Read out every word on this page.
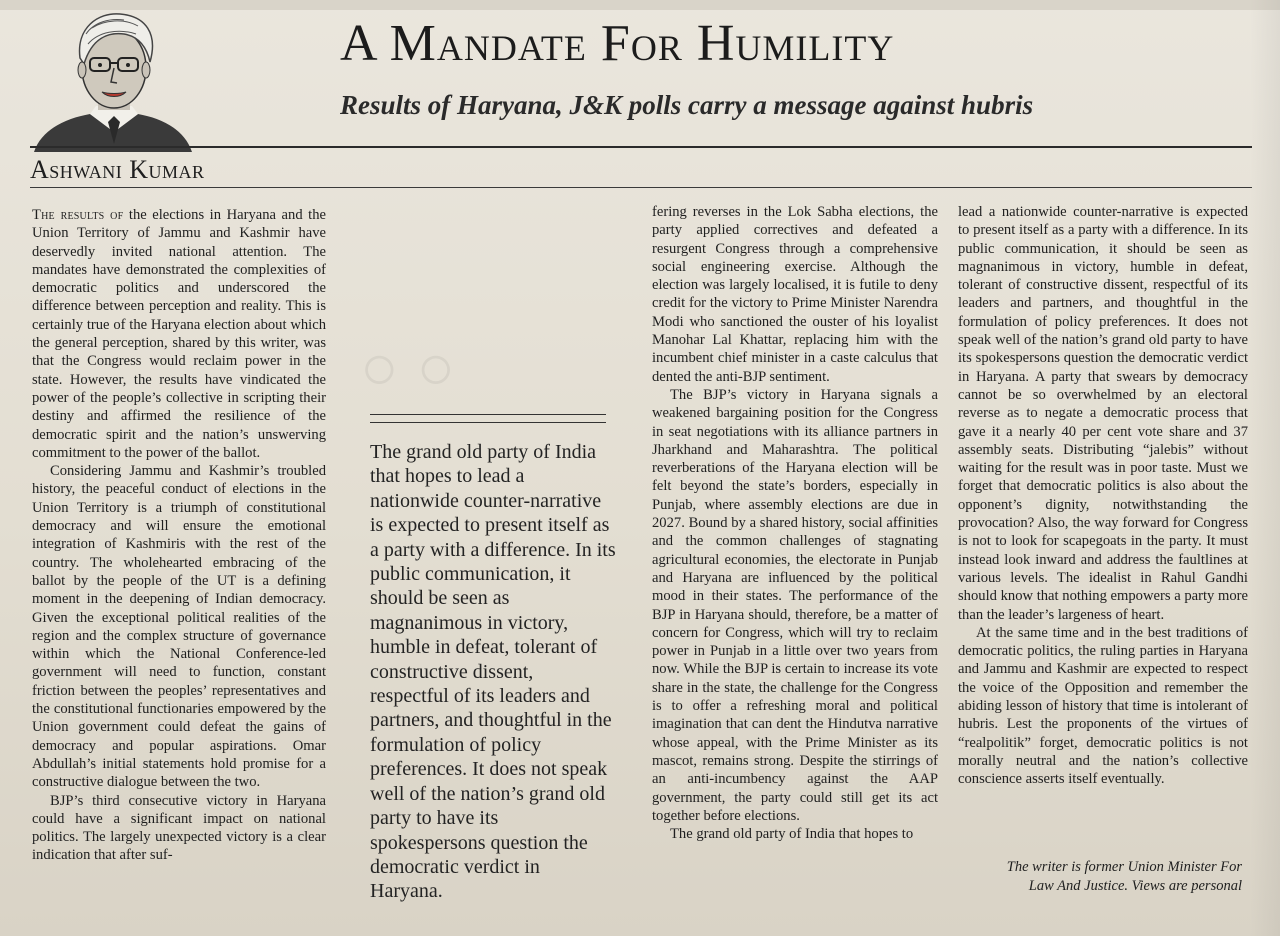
○ ○
A Mandate For Humility
Results of Haryana, J&K polls carry a message against hubris
Ashwani Kumar

The results of the elections in Haryana and the Union Territory of Jammu and Kashmir have deservedly invited national attention. The mandates have demonstrated the complexities of democratic politics and underscored the difference between perception and reality. This is certainly true of the Haryana election about which the general perception, shared by this writer, was that the Congress would reclaim power in the state. However, the results have vindicated the power of the people’s collective in scripting their destiny and affirmed the resilience of the democratic spirit and the nation’s unswerving commitment to the power of the ballot.

Considering Jammu and Kashmir’s troubled history, the peaceful conduct of elections in the Union Territory is a triumph of constitutional democracy and will ensure the emotional integration of Kashmiris with the rest of the country. The wholehearted embracing of the ballot by the people of the UT is a defining moment in the deepening of Indian democracy. Given the exceptional political realities of the region and the complex structure of governance within which the National Conference-led government will need to function, constant friction between the peoples’ representatives and the constitutional functionaries empowered by the Union government could defeat the gains of democracy and popular aspirations. Omar Abdullah’s initial statements hold promise for a constructive dialogue between the two.

BJP’s third consecutive victory in Haryana could have a significant impact on national politics. The largely unexpected victory is a clear indication that after suf-

The grand old party of India that hopes to lead a nationwide counter-narrative is expected to present itself as a party with a difference. In its public communication, it should be seen as magnanimous in victory, humble in defeat, tolerant of constructive dissent, respectful of its leaders and partners, and thoughtful in the formulation of policy preferences. It does not speak well of the nation’s grand old party to have its spokespersons question the democratic verdict in Haryana.

fering reverses in the Lok Sabha elections, the party applied correctives and defeated a resurgent Congress through a comprehensive social engineering exercise. Although the election was largely localised, it is futile to deny credit for the victory to Prime Minister Narendra Modi who sanctioned the ouster of his loyalist Manohar Lal Khattar, replacing him with the incumbent chief minister in a caste calculus that dented the anti-BJP sentiment.

The BJP’s victory in Haryana signals a weakened bargaining position for the Congress in seat negotiations with its alliance partners in Jharkhand and Maharashtra. The political reverberations of the Haryana election will be felt beyond the state’s borders, especially in Punjab, where assembly elections are due in 2027. Bound by a shared history, social affinities and the common challenges of stagnating agricultural economies, the electorate in Punjab and Haryana are influenced by the political mood in their states. The performance of the BJP in Haryana should, therefore, be a matter of concern for Congress, which will try to reclaim power in Punjab in a little over two years from now. While the BJP is certain to increase its vote share in the state, the challenge for the Congress is to offer a refreshing moral and political imagination that can dent the Hindutva narrative whose appeal, with the Prime Minister as its mascot, remains strong. Despite the stirrings of an anti-incumbency against the AAP government, the party could still get its act together before elections.

The grand old party of India that hopes to

lead a nationwide counter-narrative is expected to present itself as a party with a difference. In its public communication, it should be seen as magnanimous in victory, humble in defeat, tolerant of constructive dissent, respectful of its leaders and partners, and thoughtful in the formulation of policy preferences. It does not speak well of the nation’s grand old party to have its spokespersons question the democratic verdict in Haryana. A party that swears by democracy cannot be so overwhelmed by an electoral reverse as to negate a democratic process that gave it a nearly 40 per cent vote share and 37 assembly seats. Distributing “jalebis” without waiting for the result was in poor taste. Must we forget that democratic politics is also about the opponent’s dignity, notwithstanding the provocation? Also, the way forward for Congress is not to look for scapegoats in the party. It must instead look inward and address the faultlines at various levels. The idealist in Rahul Gandhi should know that nothing empowers a party more than the leader’s largeness of heart.

At the same time and in the best traditions of democratic politics, the ruling parties in Haryana and Jammu and Kashmir are expected to respect the voice of the Opposition and remember the abiding lesson of history that time is intolerant of hubris. Lest the proponents of the virtues of “realpolitik” forget, democratic politics is not morally neutral and the nation’s collective conscience asserts itself eventually.

The writer is former Union Minister For
Law And Justice. Views are personal
